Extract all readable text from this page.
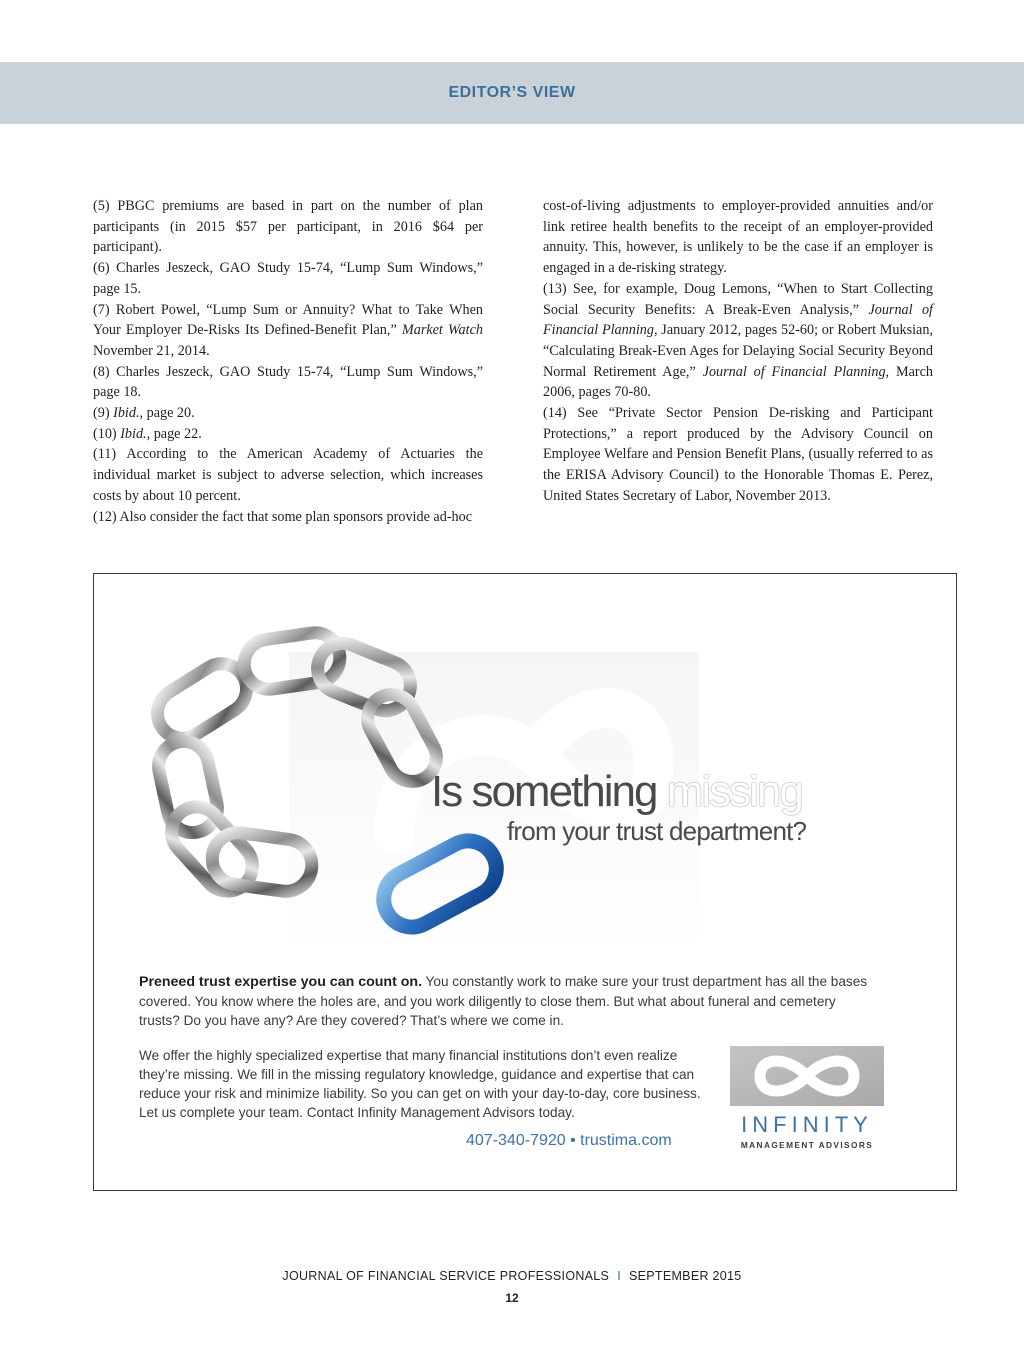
EDITOR’S VIEW

(5) PBGC premiums are based in part on the number of plan participants (in 2015 $57 per participant, in 2016 $64 per participant).

(6) Charles Jeszeck, GAO Study 15-74, “Lump Sum Windows,” page 15.

(7) Robert Powel, “Lump Sum or Annuity? What to Take When Your Employer De-Risks Its Defined-Benefit Plan,” Market Watch November 21, 2014.

(8) Charles Jeszeck, GAO Study 15-74, “Lump Sum Windows,” page 18.

(9) Ibid., page 20.

(10) Ibid., page 22.

(11) According to the American Academy of Actuaries the individual market is subject to adverse selection, which increases costs by about 10 percent.

(12) Also consider the fact that some plan sponsors provide ad-hoc

cost-of-living adjustments to employer-provided annuities and/or link retiree health benefits to the receipt of an employer-provided annuity. This, however, is unlikely to be the case if an employer is engaged in a de-risking strategy.

(13) See, for example, Doug Lemons, “When to Start Collecting Social Security Benefits: A Break-Even Analysis,” Journal of Financial Planning, January 2012, pages 52-60; or Robert Muksian, “Calculating Break-Even Ages for Delaying Social Security Beyond Normal Retirement Age,” Journal of Financial Planning, March 2006, pages 70-80.

(14) See “Private Sector Pension De-risking and Participant Protections,” a report produced by the Advisory Council on Employee Welfare and Pension Benefit Plans, (usually referred to as the ERISA Advisory Council) to the Honorable Thomas E. Perez, United States Secretary of Labor, November 2013.

Is something missing
from your trust department?
Preneed trust expertise you can count on. You constantly work to make sure your trust department has all the bases covered. You know where the holes are, and you work diligently to close them. But what about funeral and cemetery trusts? Do you have any? Are they covered? That’s where we come in.
We offer the highly specialized expertise that many financial institutions don’t even realize they’re missing. We fill in the missing regulatory knowledge, guidance and expertise that can reduce your risk and minimize liability. So you can get on with your day-to-day, core business. Let us complete your team. Contact Infinity Management Advisors today.
407-340-7920 • trustima.com
INFINITY
MANAGEMENT ADVISORS
JOURNAL OF FINANCIAL SERVICE PROFESSIONALS I SEPTEMBER 2015
12
